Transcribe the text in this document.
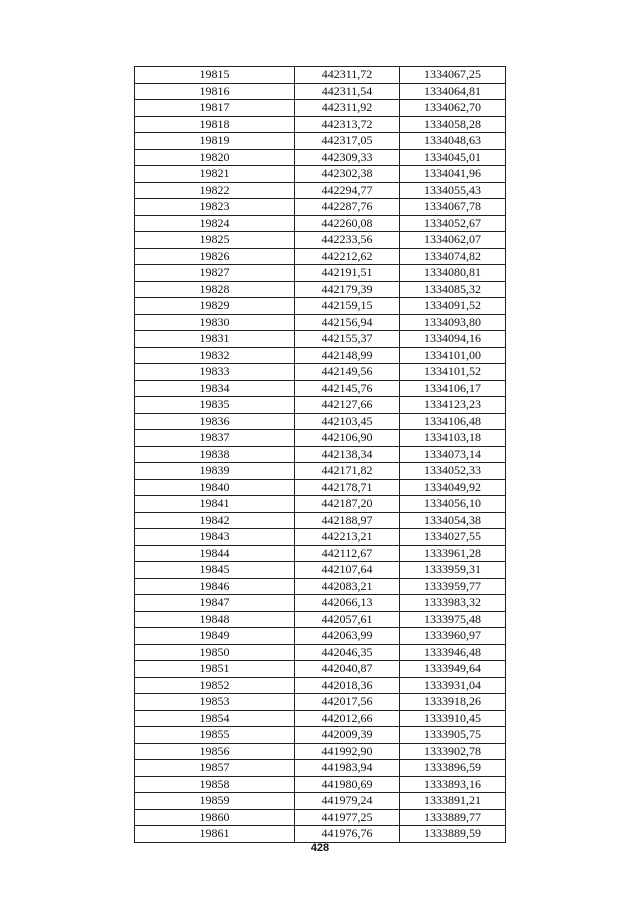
19815	442311,72	1334067,25
19816	442311,54	1334064,81
19817	442311,92	1334062,70
19818	442313,72	1334058,28
19819	442317,05	1334048,63
19820	442309,33	1334045,01
19821	442302,38	1334041,96
19822	442294,77	1334055,43
19823	442287,76	1334067,78
19824	442260,08	1334052,67
19825	442233,56	1334062,07
19826	442212,62	1334074,82
19827	442191,51	1334080,81
19828	442179,39	1334085,32
19829	442159,15	1334091,52
19830	442156,94	1334093,80
19831	442155,37	1334094,16
19832	442148,99	1334101,00
19833	442149,56	1334101,52
19834	442145,76	1334106,17
19835	442127,66	1334123,23
19836	442103,45	1334106,48
19837	442106,90	1334103,18
19838	442138,34	1334073,14
19839	442171,82	1334052,33
19840	442178,71	1334049,92
19841	442187,20	1334056,10
19842	442188,97	1334054,38
19843	442213,21	1334027,55
19844	442112,67	1333961,28
19845	442107,64	1333959,31
19846	442083,21	1333959,77
19847	442066,13	1333983,32
19848	442057,61	1333975,48
19849	442063,99	1333960,97
19850	442046,35	1333946,48
19851	442040,87	1333949,64
19852	442018,36	1333931,04
19853	442017,56	1333918,26
19854	442012,66	1333910,45
19855	442009,39	1333905,75
19856	441992,90	1333902,78
19857	441983,94	1333896,59
19858	441980,69	1333893,16
19859	441979,24	1333891,21
19860	441977,25	1333889,77
19861	441976,76	1333889,59
428
